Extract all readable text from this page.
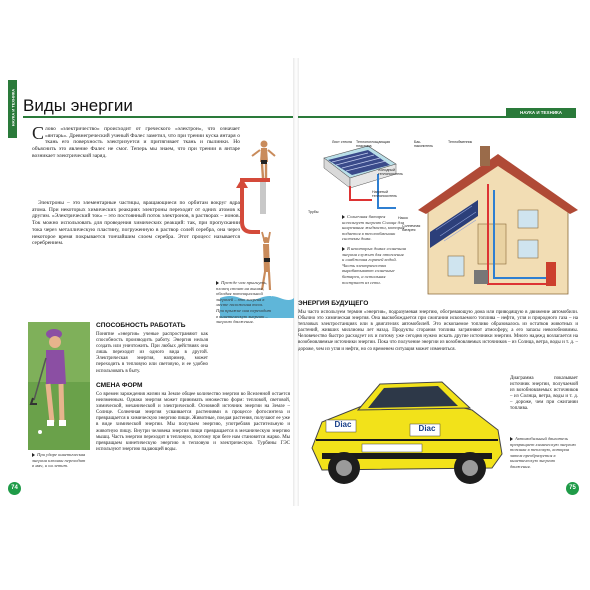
НАУКА И ТЕХНИКА Виды энергии
Слово «электричество» происходит от греческого «электрон», что означает «янтарь». Древнегреческий ученый Фалес заметил, что при трении куска янтаря о ткань его поверхность электризуется и притягивает ткань и пылинки. Но объяснить это явление Фалес не смог. Теперь мы знаем, что при трении в янтаре возникает электрический заряд.
Электроны – это элементарные частицы, вращающиеся по орбитам вокруг ядра атома. При некоторых химических реакциях электроны переходят от одних атомов к другим. «Электрический ток» – это постоянный поток электронов, в растворах – ионов. Ток можно использовать для проведения химических реакций: так, при пропускании тока через металлическую пластину, погруженную в раствор солей серебра, она через некоторое время покрывается тончайшим слоем серебра. Этот процесс называется серебрением.
Прежде чем прыгнуть, пловец стоит на вышке, обладая потенциальной энергией – это энергия в месте положения тела. При прыжке она переходит в кинетическую энергию – энергию движения.
При ударе кинетическая энергия клюшки переходит в мяч, и он летит.
СПОСОБНОСТЬ РАБОТАТЬ
Понятие «энергия» ученые распространяют как способность производить работу. Энергия нельзя создать или уничтожить. При любых действиях она лишь переходит из одного вида в другой. Электрическая энергия, например, может переходить в тепловую или световую, и ее удобно использовать в быту.
СМЕНА ФОРМ
Со времен зарождения жизни на Земле общее количество энергии во Вселенной остается неизменным. Однако энергия может принимать множество форм: тепловой, световой, химической, механической и электрической. Основной источник энергии на Земле – Солнце. Солнечная энергия усваивается растениями в процессе фотосинтеза и превращается в химическую энергию пищи. Животные, поедая растения, получают ее уже в виде химической энергии. Мы получаем энергию, употребляя растительную и животную пищу. Внутри человека энергия пищи превращается в механическую энергию мышц. Часть энергии переходит в тепловую, поэтому при беге нам становится жарко. Мы превращаем кинетическую энергию в тепловую и электрическую. Турбины ГЭС используют энергию падающей воды.
74
НАУКА И ТЕХНИКА
Лист стекла	Теплопоглощающая пластина
Холодный теплоноситель
Нагретый теплоноситель
Трубы
Бак-накопитель
Теплобменник
Насос
Солнечная батарея
Солнечная батарея использует энергию Солнца для нагревания жидкости, которая подается в теплообменник системы дома.
В некоторых домах солнечная энергия служит для отопления и снабжения горячей водой. Часть электричества вырабатывают солнечные батареи, а остальная поступает из сети.
ЭНЕРГИЯ БУДУЩЕГО
Мы часто используем термин «энергия», подразумевая энергию, обогревающую дома или приводящую в движение автомобили. Обычно это химическая энергия. Она высвобождается при сжигании ископаемого топлива – нефти, угля и природного газа – на тепловых электростанциях или в двигателях автомобилей. Это ископаемое топливо образовалось из остатков животных и растений, живших миллионы лет назад. Продукты сгорания топлива загрязняют атмосферу, а его запасы невозобновимы. Человечество быстро расходует их и потому уже сегодня нужно искать другие источники энергии. Много надежд возлагается на возобновляемые источники энергии. Пока что получение энергии из возобновляемых источников – из Солнца, ветра, воды и т. д. – дороже, чем из угля и нефти, но со временем ситуация может измениться.
Diac	Diac
Диаграмма показывает источник энергии, получаемой из возобновляемых источников – из Солнца, ветра, воды и т. д. – дороже, чем при сжигании топлива.
Автомобильный двигатель превращает химическую энергию топлива в тепловую, которая затем преобразуется в кинетическую энергию движения.
75
